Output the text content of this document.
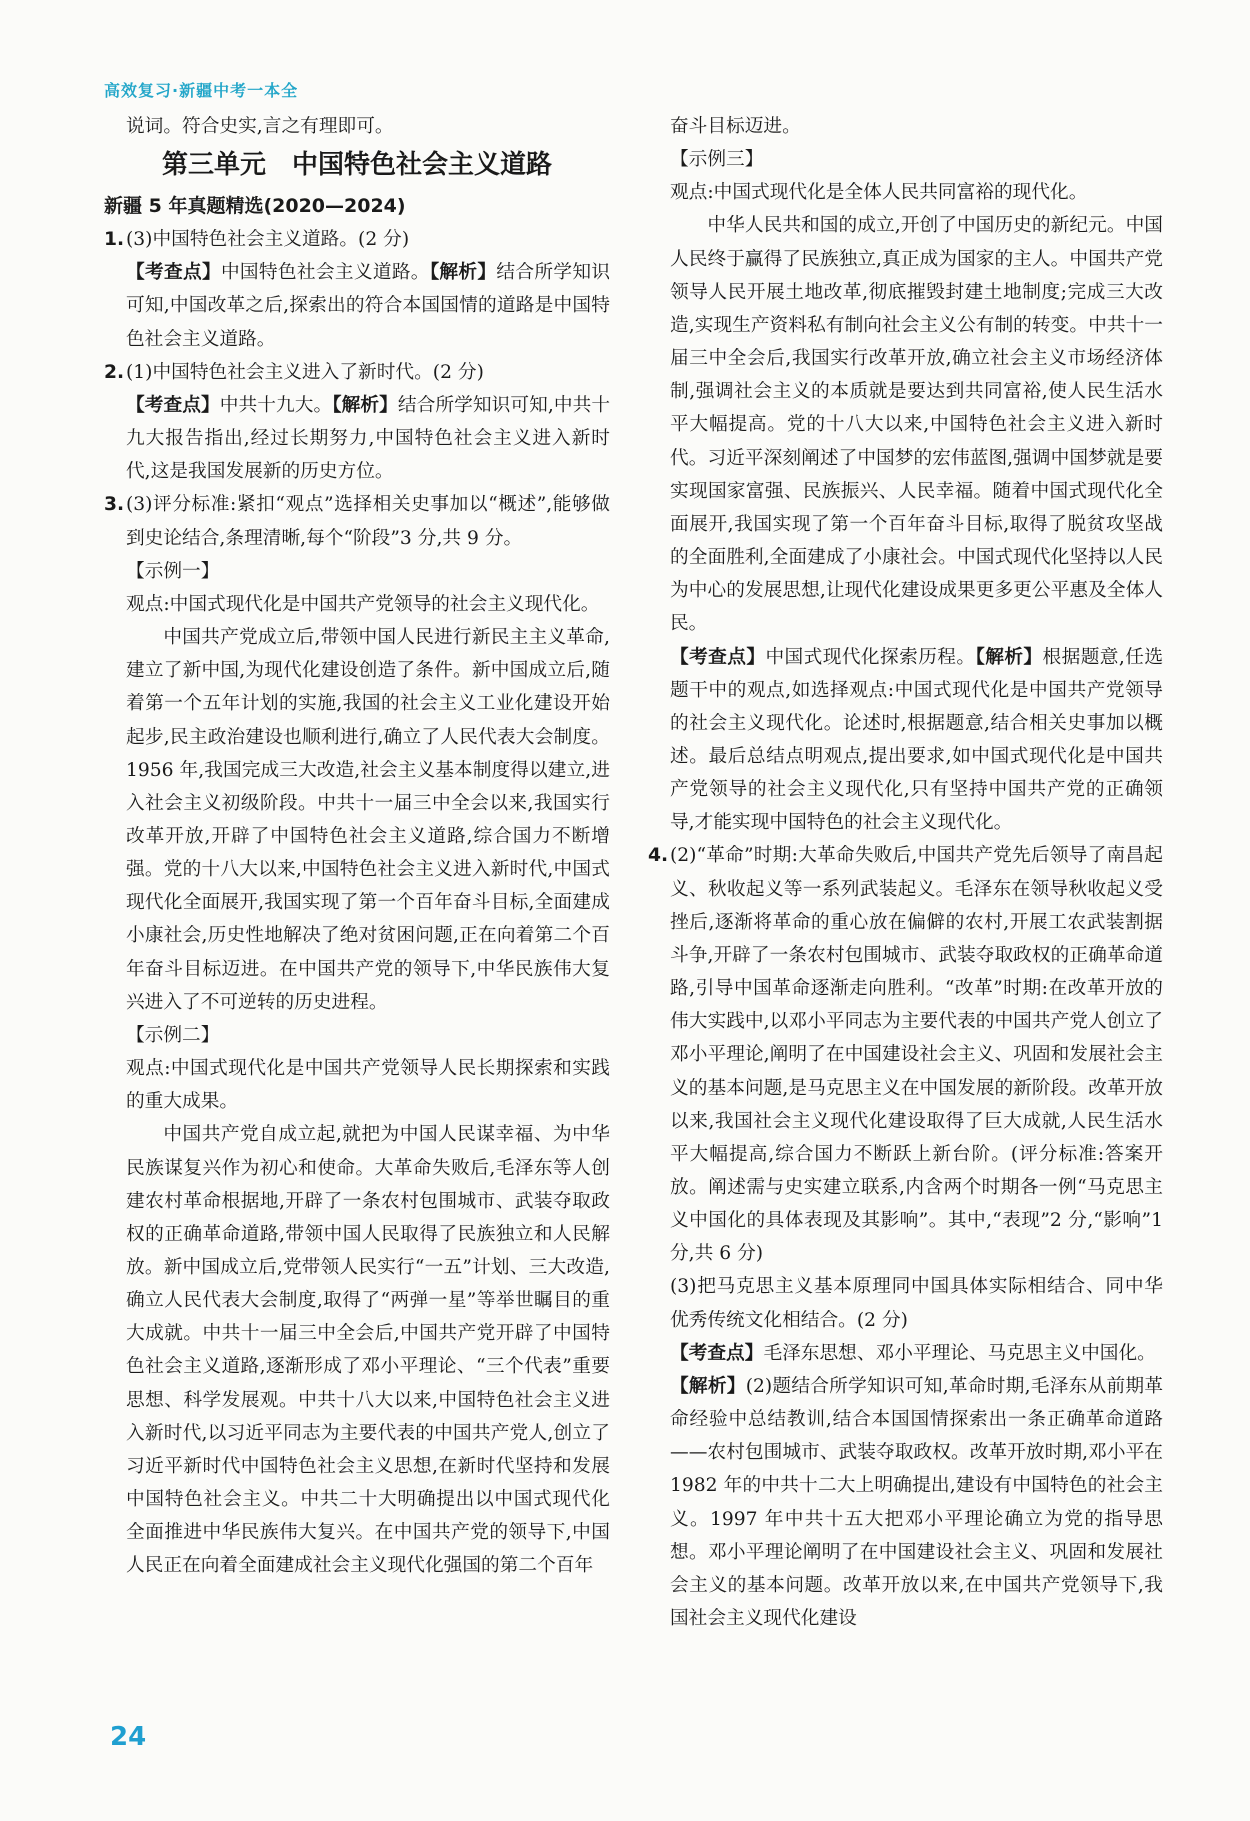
高效复习·新疆中考一本全

说词。符合史实,言之有理即可。

第三单元　中国特色社会主义道路
新疆 5 年真题精选(2020—2024)
1. (3)中国特色社会主义道路。(2 分)

【考查点】中国特色社会主义道路。【解析】结合所学知识可知,中国改革之后,探索出的符合本国国情的道路是中国特色社会主义道路。

2. (1)中国特色社会主义进入了新时代。(2 分)

【考查点】中共十九大。【解析】结合所学知识可知,中共十九大报告指出,经过长期努力,中国特色社会主义进入新时代,这是我国发展新的历史方位。

3. (3)评分标准:紧扣“观点”选择相关史事加以“概述”,能够做到史论结合,条理清晰,每个“阶段”3 分,共 9 分。

【示例一】

观点:中国式现代化是中国共产党领导的社会主义现代化。

中国共产党成立后,带领中国人民进行新民主主义革命,建立了新中国,为现代化建设创造了条件。新中国成立后,随着第一个五年计划的实施,我国的社会主义工业化建设开始起步,民主政治建设也顺利进行,确立了人民代表大会制度。1956 年,我国完成三大改造,社会主义基本制度得以建立,进入社会主义初级阶段。中共十一届三中全会以来,我国实行改革开放,开辟了中国特色社会主义道路,综合国力不断增强。党的十八大以来,中国特色社会主义进入新时代,中国式现代化全面展开,我国实现了第一个百年奋斗目标,全面建成小康社会,历史性地解决了绝对贫困问题,正在向着第二个百年奋斗目标迈进。在中国共产党的领导下,中华民族伟大复兴进入了不可逆转的历史进程。

【示例二】

观点:中国式现代化是中国共产党领导人民长期探索和实践的重大成果。

中国共产党自成立起,就把为中国人民谋幸福、为中华民族谋复兴作为初心和使命。大革命失败后,毛泽东等人创建农村革命根据地,开辟了一条农村包围城市、武装夺取政权的正确革命道路,带领中国人民取得了民族独立和人民解放。新中国成立后,党带领人民实行“一五”计划、三大改造,确立人民代表大会制度,取得了“两弹一星”等举世瞩目的重大成就。中共十一届三中全会后,中国共产党开辟了中国特色社会主义道路,逐渐形成了邓小平理论、“三个代表”重要思想、科学发展观。中共十八大以来,中国特色社会主义进入新时代,以习近平同志为主要代表的中国共产党人,创立了习近平新时代中国特色社会主义思想,在新时代坚持和发展中国特色社会主义。中共二十大明确提出以中国式现代化全面推进中华民族伟大复兴。在中国共产党的领导下,中国人民正在向着全面建成社会主义现代化强国的第二个百年

奋斗目标迈进。

【示例三】

观点:中国式现代化是全体人民共同富裕的现代化。

中华人民共和国的成立,开创了中国历史的新纪元。中国人民终于赢得了民族独立,真正成为国家的主人。中国共产党领导人民开展土地改革,彻底摧毁封建土地制度;完成三大改造,实现生产资料私有制向社会主义公有制的转变。中共十一届三中全会后,我国实行改革开放,确立社会主义市场经济体制,强调社会主义的本质就是要达到共同富裕,使人民生活水平大幅提高。党的十八大以来,中国特色社会主义进入新时代。习近平深刻阐述了中国梦的宏伟蓝图,强调中国梦就是要实现国家富强、民族振兴、人民幸福。随着中国式现代化全面展开,我国实现了第一个百年奋斗目标,取得了脱贫攻坚战的全面胜利,全面建成了小康社会。中国式现代化坚持以人民为中心的发展思想,让现代化建设成果更多更公平惠及全体人民。

【考查点】中国式现代化探索历程。【解析】根据题意,任选题干中的观点,如选择观点:中国式现代化是中国共产党领导的社会主义现代化。论述时,根据题意,结合相关史事加以概述。最后总结点明观点,提出要求,如中国式现代化是中国共产党领导的社会主义现代化,只有坚持中国共产党的正确领导,才能实现中国特色的社会主义现代化。

4. (2)“革命”时期:大革命失败后,中国共产党先后领导了南昌起义、秋收起义等一系列武装起义。毛泽东在领导秋收起义受挫后,逐渐将革命的重心放在偏僻的农村,开展工农武装割据斗争,开辟了一条农村包围城市、武装夺取政权的正确革命道路,引导中国革命逐渐走向胜利。“改革”时期:在改革开放的伟大实践中,以邓小平同志为主要代表的中国共产党人创立了邓小平理论,阐明了在中国建设社会主义、巩固和发展社会主义的基本问题,是马克思主义在中国发展的新阶段。改革开放以来,我国社会主义现代化建设取得了巨大成就,人民生活水平大幅提高,综合国力不断跃上新台阶。(评分标准:答案开放。阐述需与史实建立联系,内含两个时期各一例“马克思主义中国化的具体表现及其影响”。其中,“表现”2 分,“影响”1 分,共 6 分)

(3)把马克思主义基本原理同中国具体实际相结合、同中华优秀传统文化相结合。(2 分)

【考查点】毛泽东思想、邓小平理论、马克思主义中国化。

【解析】(2)题结合所学知识可知,革命时期,毛泽东从前期革命经验中总结教训,结合本国国情探索出一条正确革命道路——农村包围城市、武装夺取政权。改革开放时期,邓小平在 1982 年的中共十二大上明确提出,建设有中国特色的社会主义。1997 年中共十五大把邓小平理论确立为党的指导思想。邓小平理论阐明了在中国建设社会主义、巩固和发展社会主义的基本问题。改革开放以来,在中国共产党领导下,我国社会主义现代化建设

24
